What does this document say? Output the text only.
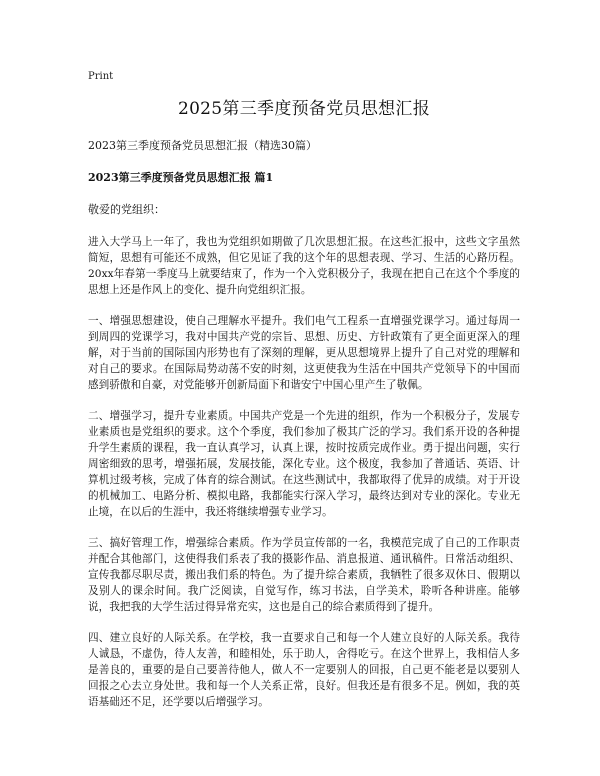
Print
2025第三季度预备党员思想汇报
2023第三季度预备党员思想汇报（精选30篇）
2023第三季度预备党员思想汇报 篇1
敬爱的党组织：

进入大学马上一年了，我也为党组织如期做了几次思想汇报。在这些汇报中，这些文字虽然简短，思想有可能还不成熟，但它见证了我的这个年的思想表现、学习、生活的心路历程。20xx年春第一季度马上就要结束了，作为一个入党积极分子，我现在把自己在这个个季度的思想上还是作风上的变化、提升向党组织汇报。

一、增强思想建设，使自己理解水平提升。我们电气工程系一直增强党课学习。通过每周一到周四的党课学习，我对中国共产党的宗旨、思想、历史、方针政策有了更全面更深入的理解，对于当前的国际国内形势也有了深刻的理解，更从思想境界上提升了自己对党的理解和对自己的要求。在国际局势动荡不安的时刻，这更使我为生活在中国共产党领导下的中国而感到骄傲和自豪，对党能够开创新局面下和谐安宁中国心里产生了敬佩。

二、增强学习，提升专业素质。中国共产党是一个先进的组织，作为一个积极分子，发展专业素质也是党组织的要求。这个个季度，我们参加了极其广泛的学习。我们系开设的各种提升学生素质的课程，我一直认真学习，认真上课，按时按质完成作业。勇于提出问题，实行周密细致的思考，增强拓展，发展技能，深化专业。这个极度，我参加了普通话、英语、计算机过级考核，完成了体育的综合测试。在这些测试中，我都取得了优异的成绩。对于开设的机械加工、电路分析、模拟电路，我都能实行深入学习，最终达到对专业的深化。专业无止境，在以后的生涯中，我还将继续增强专业学习。

三、搞好管理工作，增强综合素质。作为学员宣传部的一名，我模范完成了自己的工作职责并配合其他部门，这使得我们系表了我的摄影作品、消息报道、通讯稿件。日常活动组织、宣传我都尽职尽责，搬出我们系的特色。为了提升综合素质，我牺牲了很多双休日、假期以及别人的课余时间。我广泛阅读，自觉写作，练习书法，自学美术，聆听各种讲座。能够说，我把我的大学生活过得异常充实，这也是自己的综合素质得到了提升。

四、建立良好的人际关系。在学校，我一直要求自己和每一个人建立良好的人际关系。我待人诚恳，不虚伪，待人友善，和睦相处，乐于助人，舍得吃亏。在这个世界上，我相信人多是善良的，重要的是自己要善待他人，做人不一定要别人的回报，自己更不能老是以要别人回报之心去立身处世。我和每一个人关系正常，良好。但我还是有很多不足。例如，我的英语基础还不足，还学要以后增强学习。
